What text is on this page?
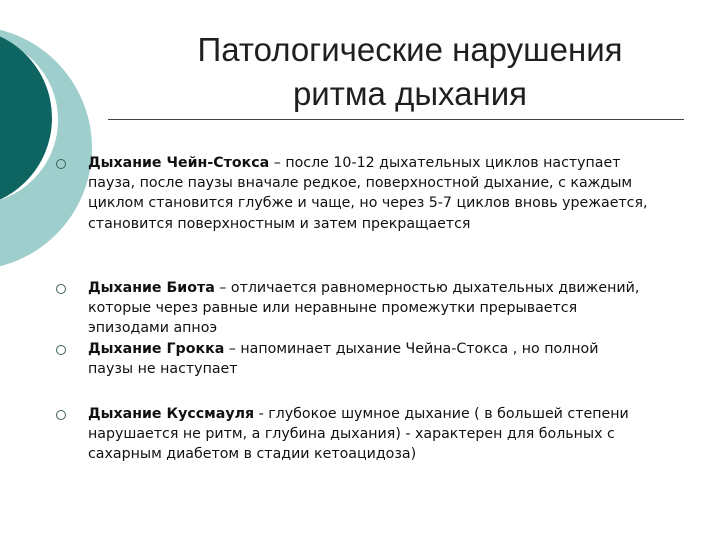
Патологические нарушения
ритма дыхания

Дыхание Чейн-Стокса – после 10-12 дыхательных циклов наступает пауза, после паузы вначале редкое, поверхностной дыхание, с каждым циклом становится глубже и чаще, но через 5-7 циклов вновь урежается, становится поверхностным и затем прекращается

Дыхание Биота – отличается равномерностью дыхательных движений, которые через равные или неравныне промежутки прерывается эпизодами апноэ

Дыхание Грокка – напоминает дыхание Чейна-Стокса , но полной паузы не наступает

Дыхание Куссмауля - глубокое шумное дыхание ( в большей степени нарушается не ритм, а глубина дыхания) - характерен для больных с сахарным диабетом в стадии кетоацидоза)
